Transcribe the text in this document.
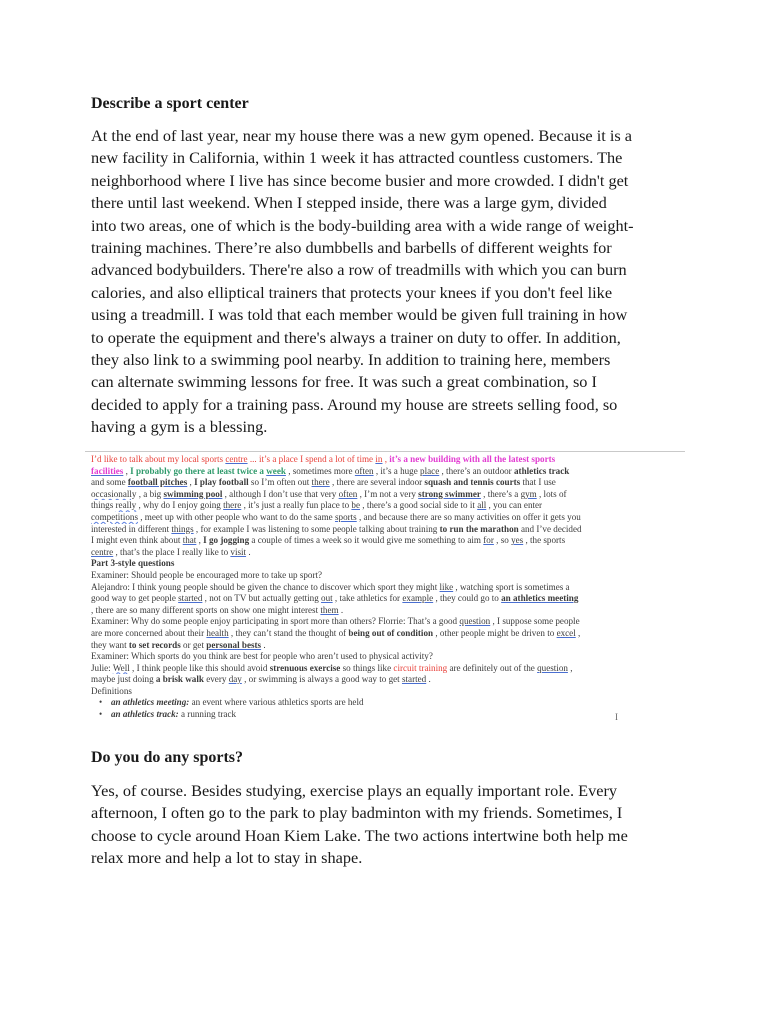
Describe a sport center

At the end of last year, near my house there was a new gym opened. Because it is a
new facility in California, within 1 week it has attracted countless customers. The
neighborhood where I live has since become busier and more crowded. I didn't get
there until last weekend. When I stepped inside, there was a large gym, divided
into two areas, one of which is the body-building area with a wide range of weight-
training machines. There’re also dumbbells and barbells of different weights for
advanced bodybuilders. There're also a row of treadmills with which you can burn
calories, and also elliptical trainers that protects your knees if you don't feel like
using a treadmill. I was told that each member would be given full training in how
to operate the equipment and there's always a trainer on duty to offer. In addition,
they also link to a swimming pool nearby. In addition to training here, members
can alternate swimming lessons for free. It was such a great combination, so I
decided to apply for a training pass. Around my house are streets selling food, so
having a gym is a blessing.

I’d like to talk about my local sports centre ... it’s a place I spend a lot of time in , it’s a new building with all the latest sports
facilities , I probably go there at least twice a week , sometimes more often , it’s a huge place , there’s an outdoor athletics track
and some football pitches , I play football so I’m often out there , there are several indoor squash and tennis courts that I use
occasionally , a big swimming pool , although I don’t use that very often , I’m not a very strong swimmer , there’s a gym , lots of
things really , why do I enjoy going there , it’s just a really fun place to be , there’s a good social side to it all , you can enter
competitions , meet up with other people who want to do the same sports , and because there are so many activities on offer it gets you
interested in different things , for example I was listening to some people talking about training to run the marathon and I’ve decided
I might even think about that , I go jogging a couple of times a week so it would give me something to aim for , so yes , the sports
centre , that’s the place I really like to visit .
Part 3-style questions
Examiner: Should people be encouraged more to take up sport?
Alejandro: I think young people should be given the chance to discover which sport they might like , watching sport is sometimes a
good way to get people started , not on TV but actually getting out , take athletics for example , they could go to an athletics meeting
, there are so many different sports on show one might interest them .
Examiner: Why do some people enjoy participating in sport more than others? Florrie: That’s a good question , I suppose some people
are more concerned about their health , they can’t stand the thought of being out of condition , other people might be driven to excel ,
they want to set records or get personal bests .
Examiner: Which sports do you think are best for people who aren’t used to physical activity?
Julie: Well , I think people like this should avoid strenuous exercise so things like circuit training are definitely out of the question ,
maybe just doing a brisk walk every day , or swimming is always a good way to get started .
Definitions
• an athletics meeting: an event where various athletics sports are held
• an athletics track: a running track	I
Do you do any sports?

Yes, of course. Besides studying, exercise plays an equally important role. Every
afternoon, I often go to the park to play badminton with my friends. Sometimes, I
choose to cycle around Hoan Kiem Lake. The two actions intertwine both help me
relax more and help a lot to stay in shape.
